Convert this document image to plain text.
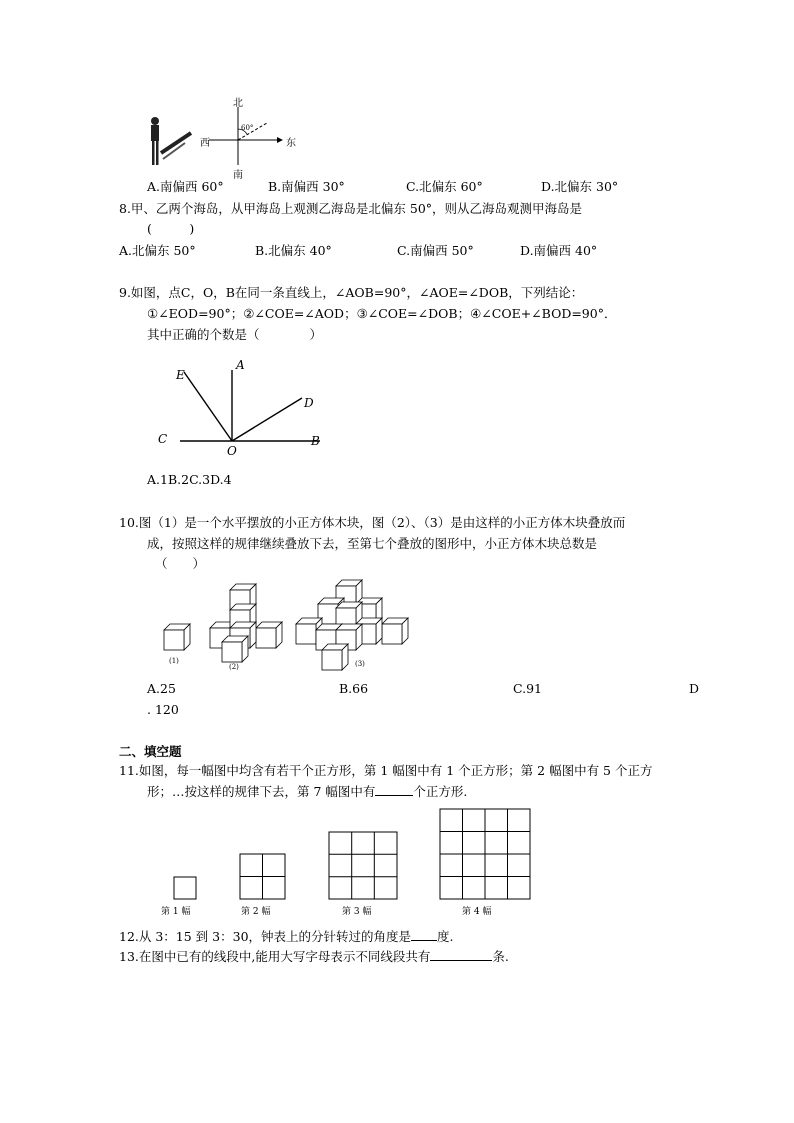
北
南
西	东
60°
A.南偏西 60°	B.南偏西 30°	C.北偏东 60°	D.北偏东 30°
8.甲、乙两个海岛，从甲海岛上观测乙海岛是北偏东 50°，则从乙海岛观测甲海岛是
(　　　)
A.北偏东 50°	B.北偏东 40°	C.南偏西 50°	D.南偏西 40°
9.如图，点C，O，B在同一条直线上，∠AOB=90°，∠AOE=∠DOB，下列结论：
①∠EOD=90°；②∠COE=∠AOD；③∠COE=∠DOB；④∠COE+∠BOD=90°．
其中正确的个数是（　　　　）
E
A
D
C
O
B
A.1B.2C.3D.4
10.图（1）是一个水平摆放的小正方体木块，图（2）、（3）是由这样的小正方体木块叠放而
成，按照这样的规律继续叠放下去，至第七个叠放的图形中，小正方体木块总数是
（　　）
(1)
(2)	(3)
A.25	B.66	C.91	D
. 120
二、填空题
11.如图，每一幅图中均含有若干个正方形，第 1 幅图中有 1 个正方形；第 2 幅图中有 5 个正方
形；…按这样的规律下去，第 7 幅图中有	个正方形.
第 1 幅	第 2 幅	第 3 幅	第 4 幅
12.从 3：15 到 3：30，钟表上的分针转过的角度是 度.
13.在图中已有的线段中,能用大写字母表示不同线段共有	条.
